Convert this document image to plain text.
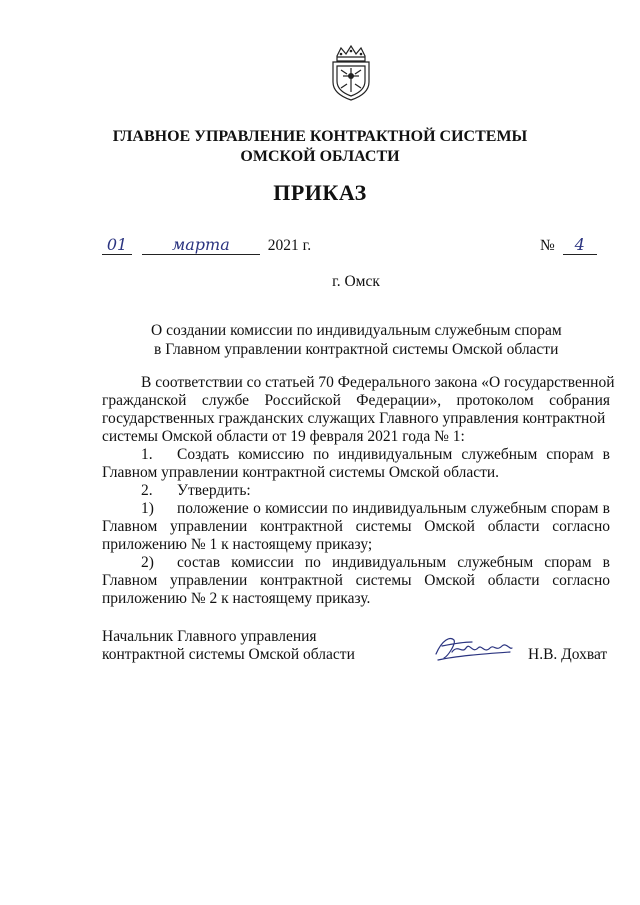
ГЛАВНОЕ УПРАВЛЕНИЕ КОНТРАКТНОЙ СИСТЕМЫ
ОМСКОЙ ОБЛАСТИ
ПРИКАЗ
01	марта 2021 г.	№ 4
г. Омск
О создании комиссии по индивидуальным служебным спорам
в Главном управлении контрактной системы Омской области
В соответствии со статьей 70 Федерального закона «О государственной
гражданской службе Российской Федерации», протоколом собрания
государственных гражданских служащих Главного управления контрактной
системы Омской области от 19 февраля 2021 года № 1:
1. Создать комиссию по индивидуальным служебным спорам в
Главном управлении контрактной системы Омской области.
2. Утвердить:
1) положение о комиссии по индивидуальным служебным спорам в
Главном управлении контрактной системы Омской области согласно
приложению № 1 к настоящему приказу;
2) состав комиссии по индивидуальным служебным спорам в
Главном управлении контрактной системы Омской области согласно
приложению № 2 к настоящему приказу.
Начальник Главного управления
контрактной системы Омской области	Н.В. Дохват
